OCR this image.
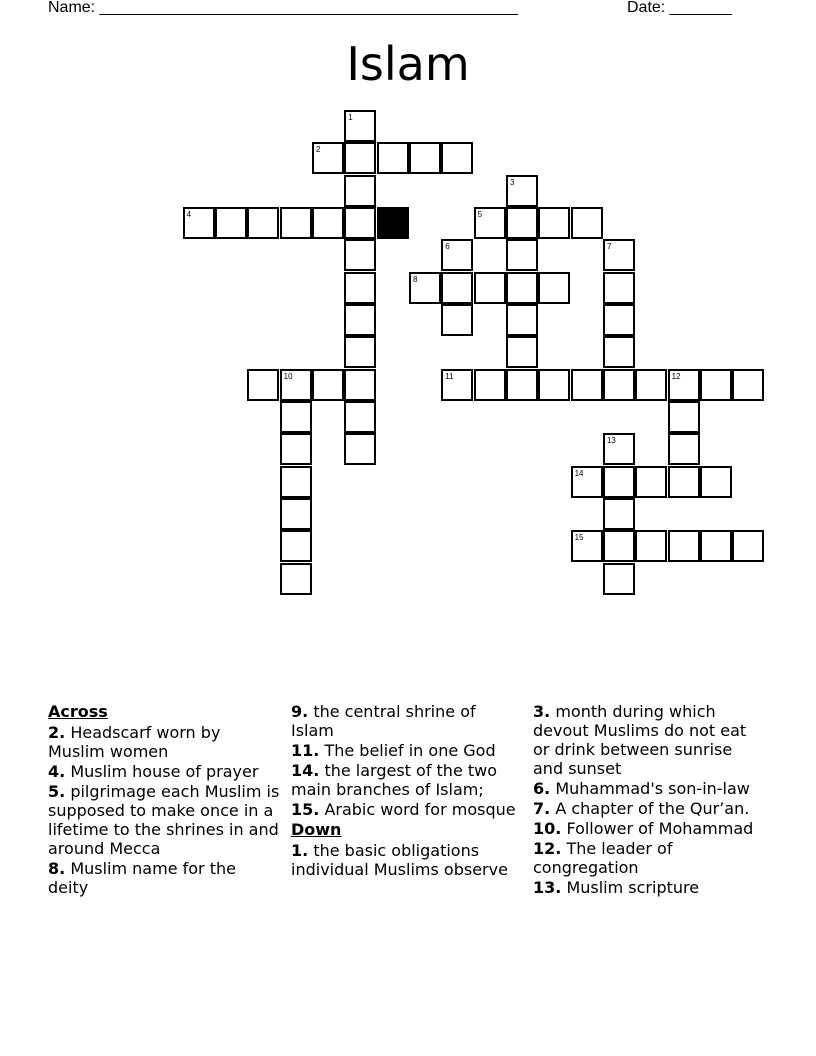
Name: _______________________________________________	Date: _______
Islam
1
2
3
4	5
6	7
8
10	11	12
13
14
15
Across
2. Headscarf worn by Muslim women
4. Muslim house of prayer
5. pilgrimage each Muslim is supposed to make once in a lifetime to the shrines in and around Mecca
8. Muslim name for the deity
9. the central shrine of Islam
11. The belief in one God
14. the largest of the two main branches of Islam;
15. Arabic word for mosque
Down
1. the basic obligations individual Muslims observe
3. month during which devout Muslims do not eat or drink between sunrise and sunset
6. Muhammad's son-in-law
7. A chapter of the Qur’an.
10. Follower of Mohammad
12. The leader of congregation
13. Muslim scripture
